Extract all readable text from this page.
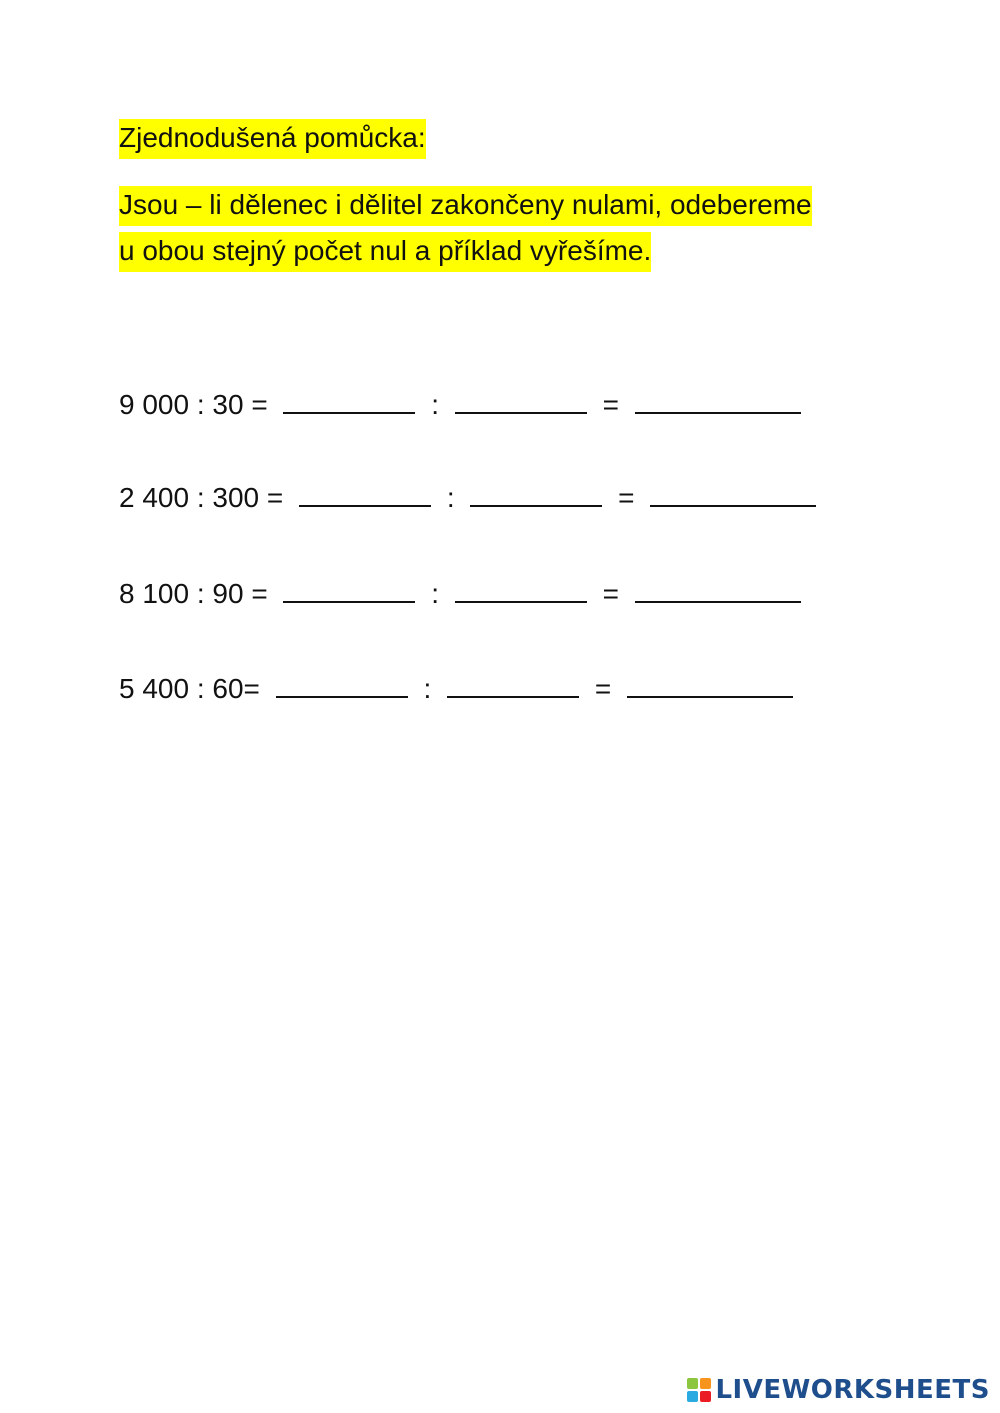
Zjednodušená pomůcka:
Jsou – li dělenec i dělitel zakončeny nulami, odebereme
u obou stejný počet nul a příklad vyřešíme.
9 000 : 30 =	:	=
2 400 : 300 =	:	=
8 100 : 90 =	:	=
5 400 : 60=	:	=
LIVEWORKSHEETS
